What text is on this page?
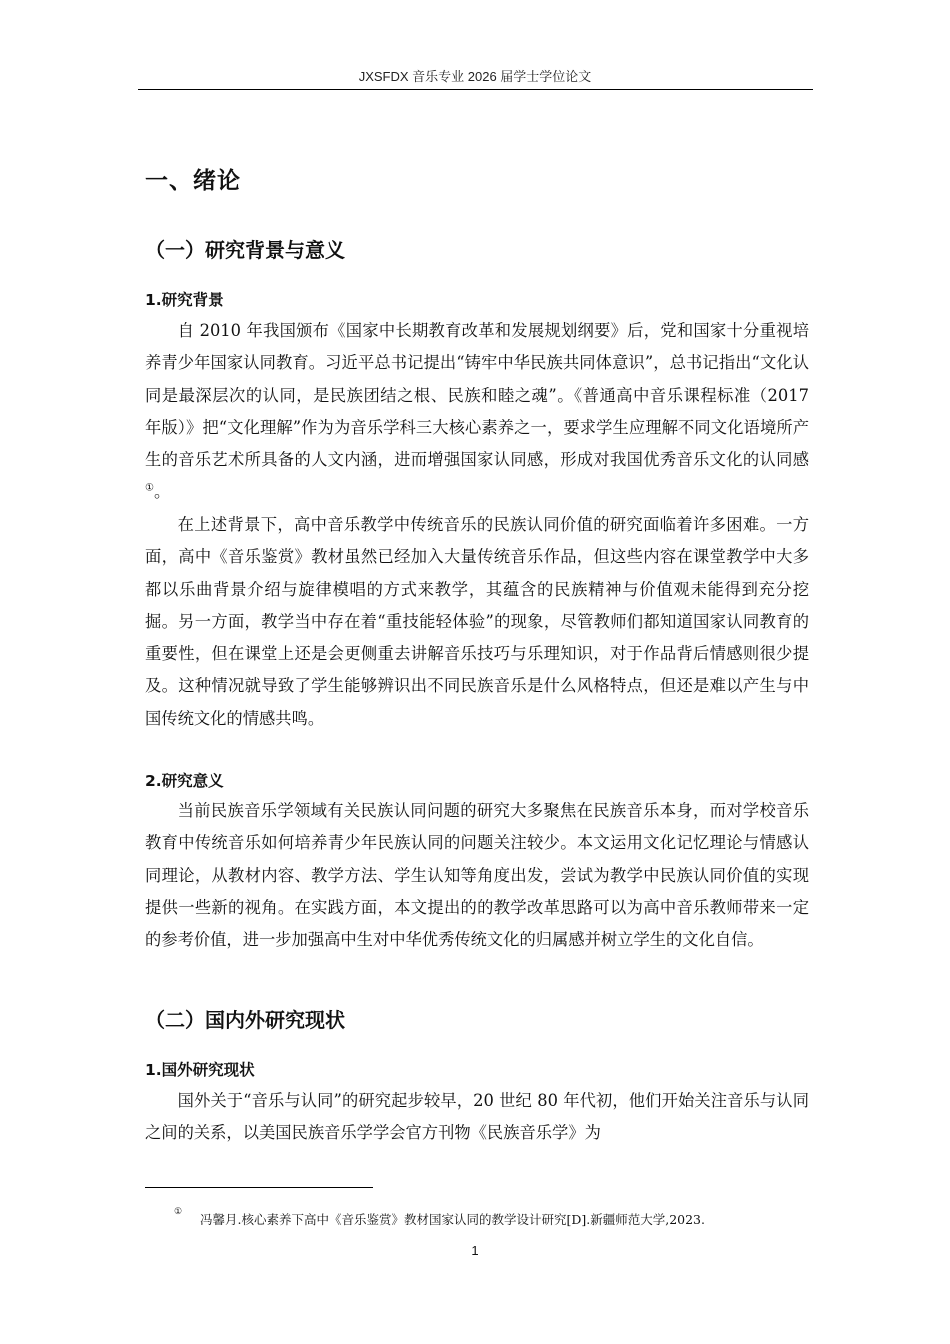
JXSFDX 音乐专业 2026 届学士学位论文
一、绪论
（一）研究背景与意义
1.研究背景

自 2010 年我国颁布《国家中长期教育改革和发展规划纲要》后，党和国家十分重视培养青少年国家认同教育。习近平总书记提出“铸牢中华民族共同体意识”，总书记指出“文化认同是最深层次的认同，是民族团结之根、民族和睦之魂”。《普通高中音乐课程标准（2017 年版）》把“文化理解”作为为音乐学科三大核心素养之一，要求学生应理解不同文化语境所产生的音乐艺术所具备的人文内涵，进而增强国家认同感，形成对我国优秀音乐文化的认同感①。

在上述背景下，高中音乐教学中传统音乐的民族认同价值的研究面临着许多困难。一方面，高中《音乐鉴赏》教材虽然已经加入大量传统音乐作品，但这些内容在课堂教学中大多都以乐曲背景介绍与旋律模唱的方式来教学，其蕴含的民族精神与价值观未能得到充分挖掘。另一方面，教学当中存在着“重技能轻体验”的现象，尽管教师们都知道国家认同教育的重要性，但在课堂上还是会更侧重去讲解音乐技巧与乐理知识，对于作品背后情感则很少提及。这种情况就导致了学生能够辨识出不同民族音乐是什么风格特点，但还是难以产生与中国传统文化的情感共鸣。

2.研究意义

当前民族音乐学领域有关民族认同问题的研究大多聚焦在民族音乐本身，而对学校音乐教育中传统音乐如何培养青少年民族认同的问题关注较少。本文运用文化记忆理论与情感认同理论，从教材内容、教学方法、学生认知等角度出发，尝试为教学中民族认同价值的实现提供一些新的视角。在实践方面，本文提出的的教学改革思路可以为高中音乐教师带来一定的参考价值，进一步加强高中生对中华优秀传统文化的归属感并树立学生的文化自信。

（二）国内外研究现状
1.国外研究现状

国外关于“音乐与认同”的研究起步较早，20 世纪 80 年代初，他们开始关注音乐与认同之间的关系，以美国民族音乐学学会官方刊物《民族音乐学》为

① 冯馨月.核心素养下高中《音乐鉴赏》教材国家认同的教学设计研究[D].新疆师范大学,2023.
1
